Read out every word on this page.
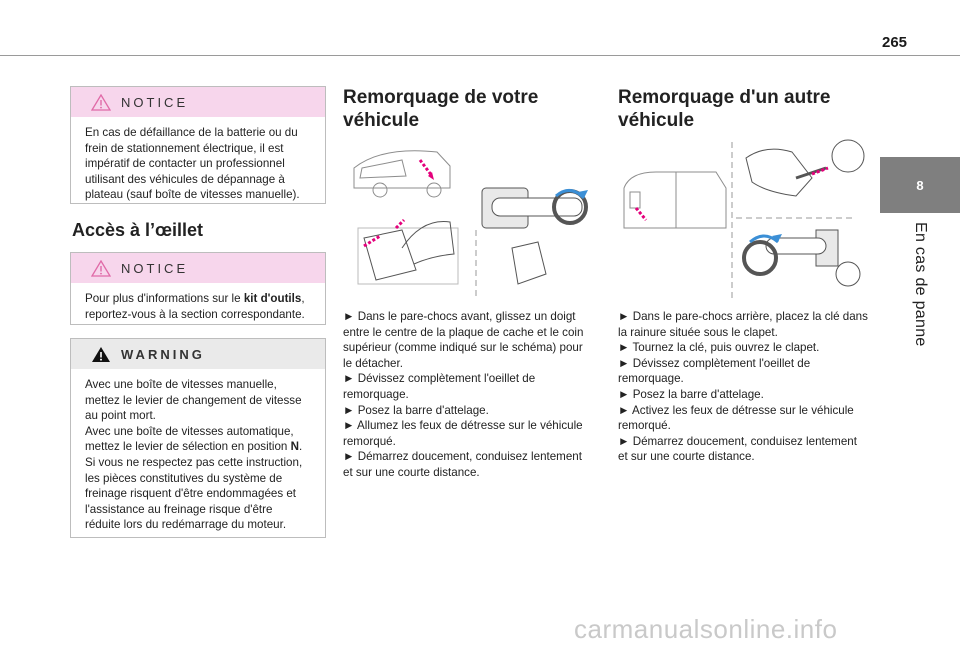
265
8
En cas de panne
NOTICE

En cas de défaillance de la batterie ou du frein de stationnement électrique, il est impératif de contacter un professionnel utilisant des véhicules de dépannage à plateau (sauf boîte de vitesses manuelle).

Accès à l’œillet
NOTICE

Pour plus d'informations sur le kit d'outils, reportez-vous à la section correspondante.

WARNING

Avec une boîte de vitesses manuelle, mettez le levier de changement de vitesse au point mort.

Avec une boîte de vitesses automatique, mettez le levier de sélection en position N.

Si vous ne respectez pas cette instruction, les pièces constitutives du système de freinage risquent d'être endommagées et l'assistance au freinage risque d'être réduite lors du redémarrage du moteur.

Remorquage de votre
véhicule

► Dans le pare-chocs avant, glissez un doigt entre le centre de la plaque de cache et le coin supérieur (comme indiqué sur le schéma) pour le détacher.

► Dévissez complètement l'oeillet de remorquage.

► Posez la barre d'attelage.

► Allumez les feux de détresse sur le véhicule remorqué.

► Démarrez doucement, conduisez lentement et sur une courte distance.

Remorquage d'un autre
véhicule

► Dans le pare-chocs arrière, placez la clé dans la rainure située sous le clapet.

► Tournez la clé, puis ouvrez le clapet.

► Dévissez complètement l'oeillet de remorquage.

► Posez la barre d'attelage.

► Activez les feux de détresse sur le véhicule remorqué.

► Démarrez doucement, conduisez lentement et sur une courte distance.

carmanualsonline.info
